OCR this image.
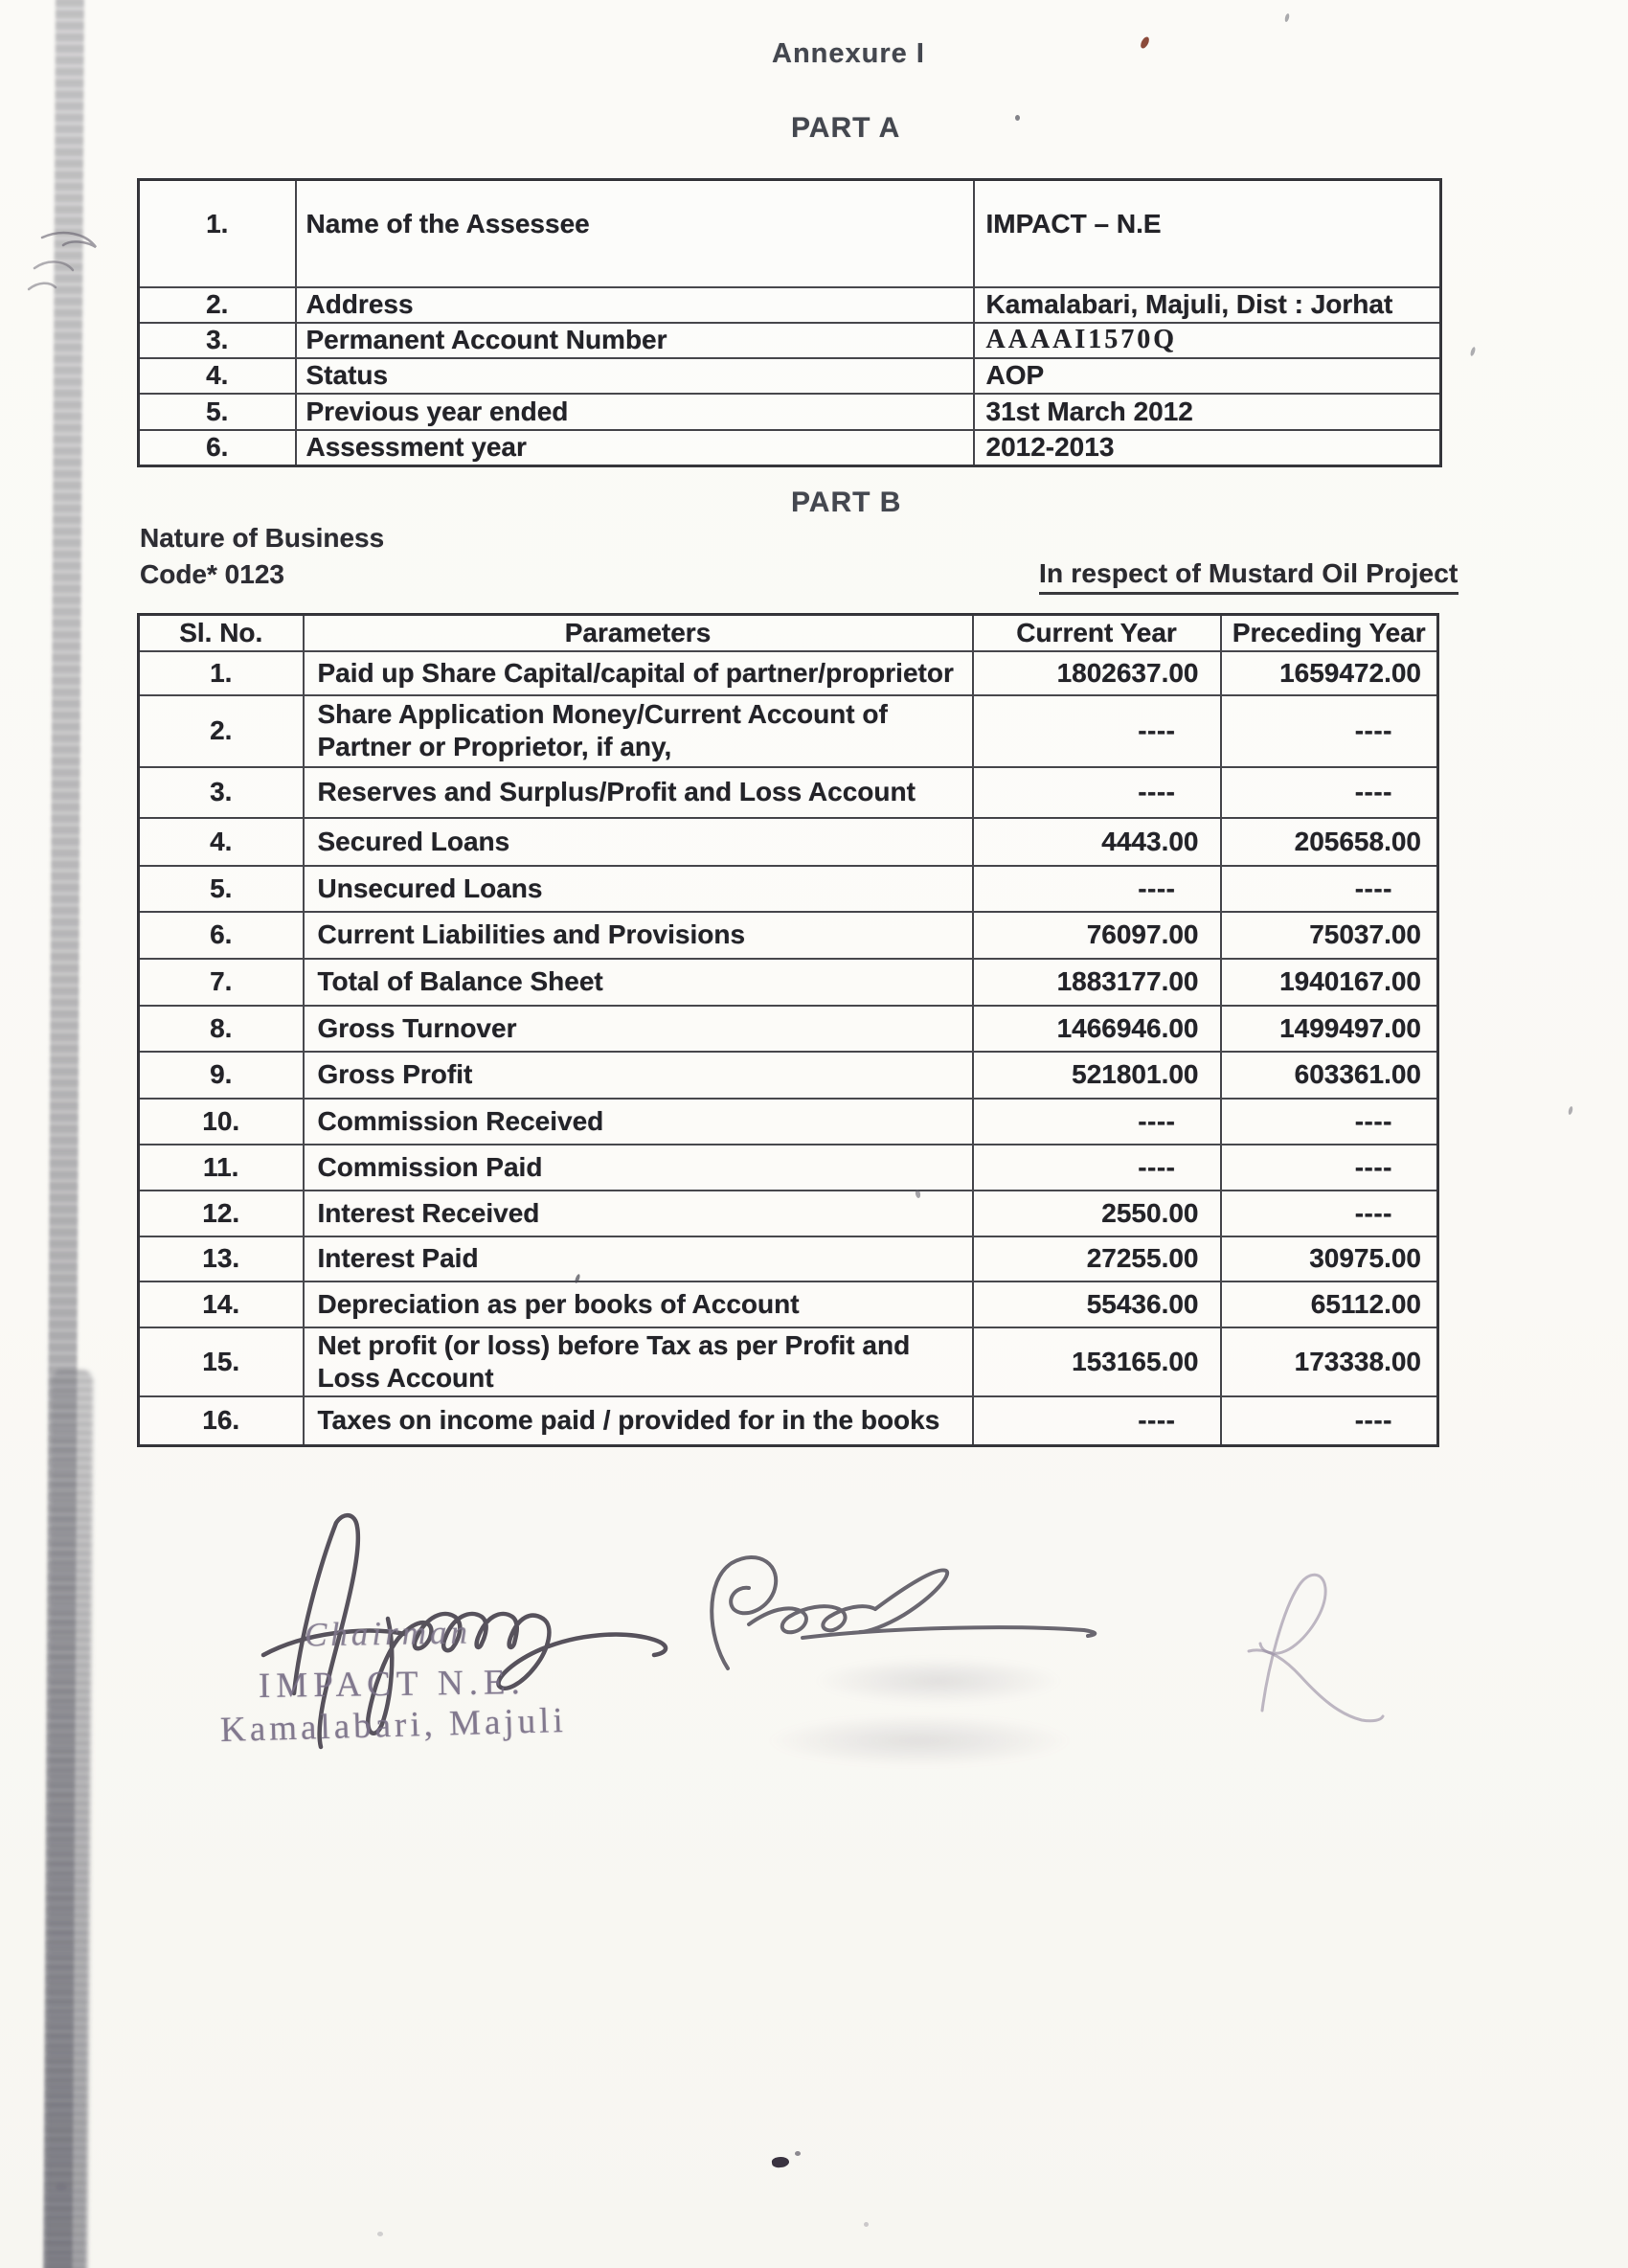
Annexure I
PART A
1.	Name of the Assessee	IMPACT – N.E
2.	Address	Kamalabari, Majuli, Dist : Jorhat
3.	Permanent Account Number	AAAAI1570Q
4.	Status	AOP
5.	Previous year ended	31st March 2012
6.	Assessment year	2012-2013
PART B
Nature of Business
Code* 0123	In respect of Mustard Oil Project
Sl. No.	Parameters	Current Year	Preceding Year
1.	Paid up Share Capital/capital of partner/proprietor	1802637.00	1659472.00
2.	Share Application Money/Current Account of Partner or Proprietor, if any,	----	----
3.	Reserves and Surplus/Profit and Loss Account	----	----
4.	Secured Loans	4443.00	205658.00
5.	Unsecured Loans	----	----
6.	Current Liabilities and Provisions	76097.00	75037.00
7.	Total of Balance Sheet	1883177.00	1940167.00
8.	Gross Turnover	1466946.00	1499497.00
9.	Gross Profit	521801.00	603361.00
10.	Commission Received	----	----
11.	Commission Paid	----	----
12.	Interest Received	2550.00	----
13.	Interest Paid	27255.00	30975.00
14.	Depreciation as per books of Account	55436.00	65112.00
15.	Net profit (or loss) before Tax as per Profit and Loss Account	153165.00	173338.00
16.	Taxes on income paid / provided for in the books	----	----
Chairman
IMPACT N.E.
Kamalabari, Majuli
